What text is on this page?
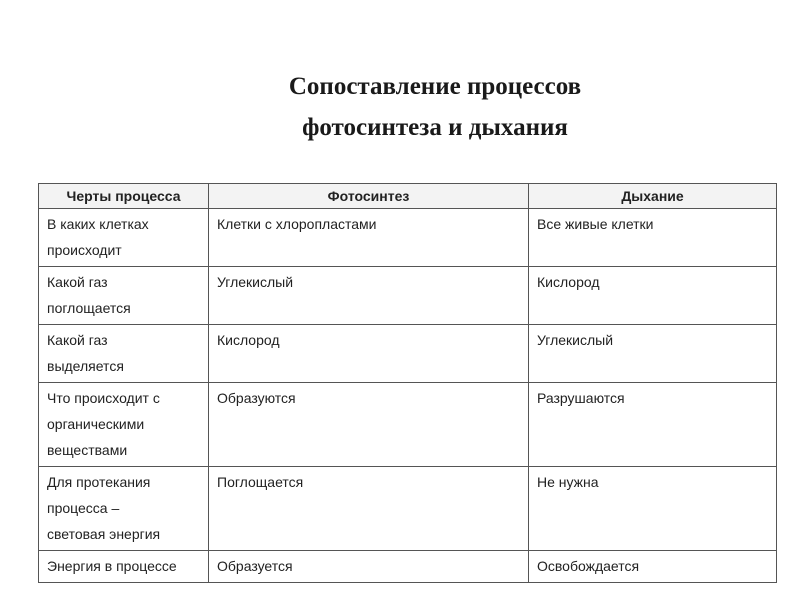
Сопоставление процессов
фотосинтеза и дыхания
Черты процесса	Фотосинтез	Дыхание

В каких клетках
происходит	Клетки с хлоропластами	Все живые клетки

Какой газ
поглощается	Углекислый	Кислород

Какой газ
выделяется	Кислород	Углекислый

Что происходит с
органическими
веществами	Образуются	Разрушаются

Для протекания
процесса –
световая энергия	Поглощается	Не нужна

Энергия в процессе	Образуется	Освобождается
